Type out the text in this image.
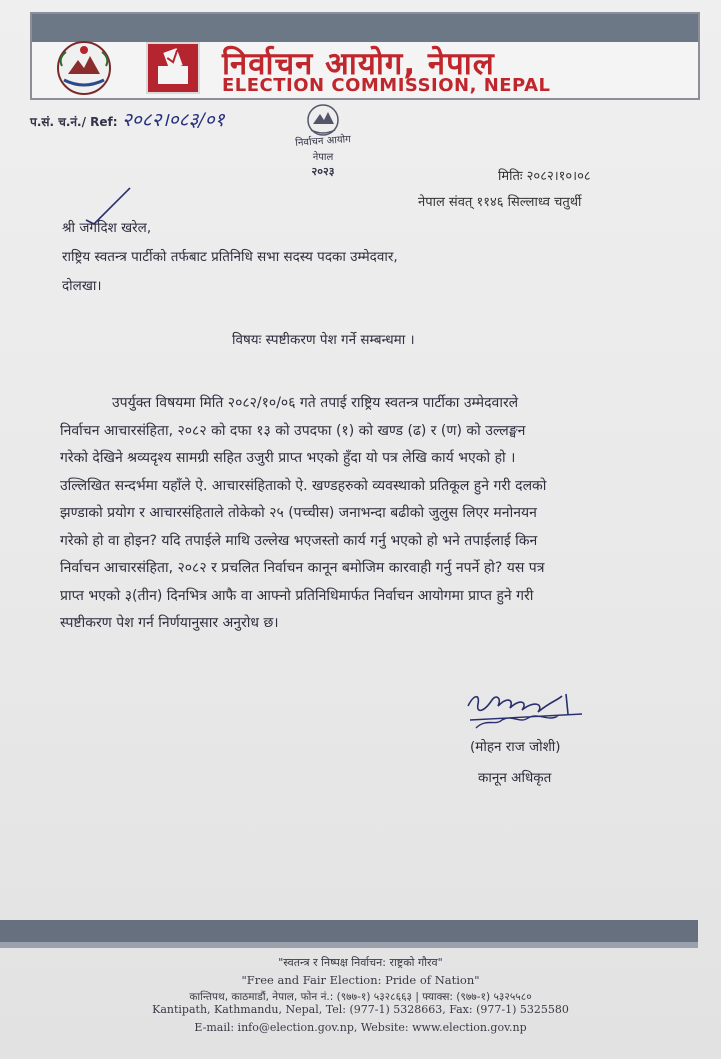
निर्वाचन आयोग, नेपाल
ELECTION COMMISSION, NEPAL
प.सं. च.नं./ Ref: २०८२।०८३/०१
निर्वाचन आयोग
नेपाल
२०२३	मितिः २०८२।१०।०८
नेपाल संवत् ११४६ सिल्लाध्व चतुर्थी
श्री जगदिश खरेल,
राष्ट्रिय स्वतन्त्र पार्टीको तर्फबाट प्रतिनिधि सभा सदस्य पदका उम्मेदवार,
दोलखा।
विषयः स्पष्टीकरण पेश गर्ने सम्बन्धमा ।
उपर्युक्त विषयमा मिति २०८२/१०/०६ गते तपाई राष्ट्रिय स्वतन्त्र पार्टीका उम्मेदवारले
निर्वाचन आचारसंहिता, २०८२ को दफा १३ को उपदफा (१) को खण्ड (ढ) र (ण) को उल्लङ्घन
गरेको देखिने श्रव्यदृश्य सामग्री सहित उजुरी प्राप्त भएको हुँदा यो पत्र लेखि कार्य भएको हो ।
उल्लिखित सन्दर्भमा यहाँले ऐ. आचारसंहिताको ऐ. खण्डहरुको व्यवस्थाको प्रतिकूल हुने गरी दलको
झण्डाको प्रयोग र आचारसंहिताले तोकेको २५ (पच्चीस) जनाभन्दा बढीको जुलुस लिएर मनोनयन
गरेको हो वा होइन? यदि तपाईले माथि उल्लेख भएजस्तो कार्य गर्नु भएको हो भने तपाईलाई किन
निर्वाचन आचारसंहिता, २०८२ र प्रचलित निर्वाचन कानून बमोजिम कारवाही गर्नु नपर्ने हो? यस पत्र
प्राप्त भएको ३(तीन) दिनभित्र आफै वा आफ्नो प्रतिनिधिमार्फत निर्वाचन आयोगमा प्राप्त हुने गरी
स्पष्टीकरण पेश गर्न निर्णयानुसार अनुरोध छ।
(मोहन राज जोशी)
कानून अधिकृत
"स्वतन्त्र र निष्पक्ष निर्वाचन: राष्ट्रको गौरव"
"Free and Fair Election: Pride of Nation"
कान्तिपथ, काठमाडौं, नेपाल, फोन नं.: (९७७-१) ५३२८६६३ | फ्याक्स: (९७७-१) ५३२५५८०
Kantipath, Kathmandu, Nepal, Tel: (977-1) 5328663, Fax: (977-1) 5325580
E-mail: info@election.gov.np, Website: www.election.gov.np
